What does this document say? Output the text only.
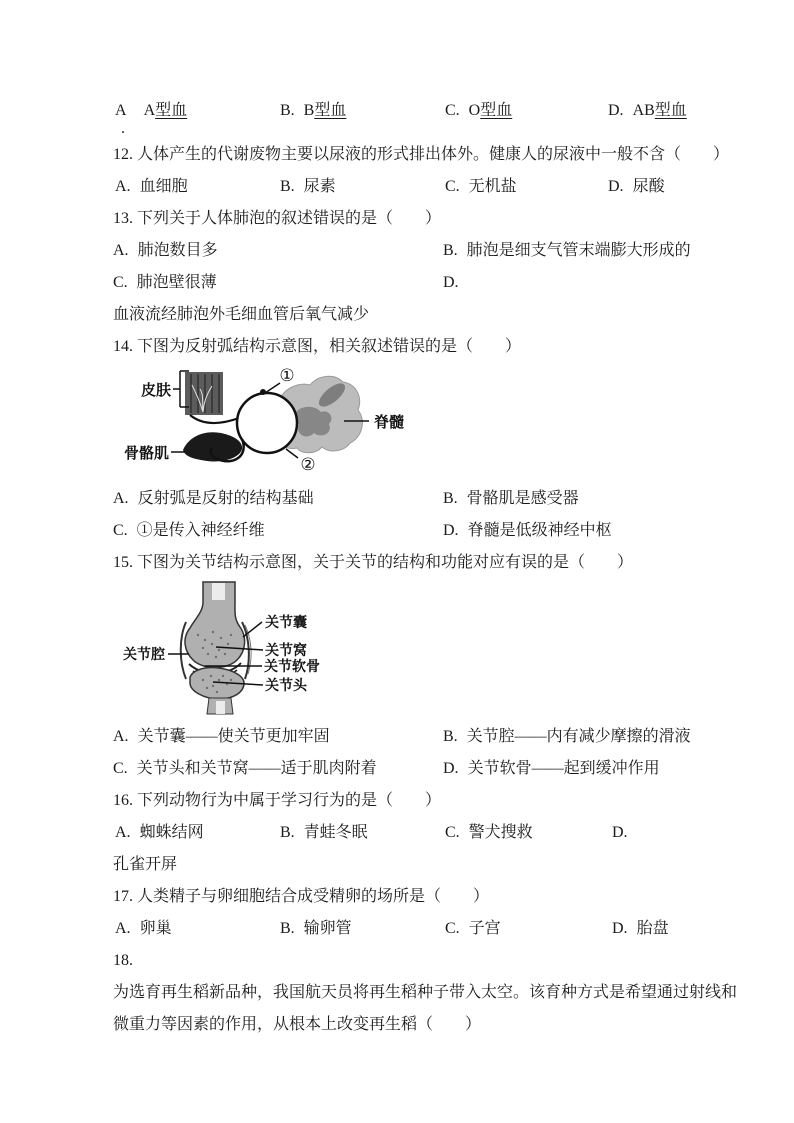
A A型血
.
B. B型血	C. O型血	D. AB型血
12. 人体产生的代谢废物主要以尿液的形式排出体外。健康人的尿液中一般不含（　　）
A. 血细胞	B. 尿素	C. 无机盐	D. 尿酸
13. 下列关于人体肺泡的叙述错误的是（　　）
A. 肺泡数目多	B. 肺泡是细支气管末端膨大形成的
C. 肺泡壁很薄	D.
血液流经肺泡外毛细血管后氧气减少
14. 下图为反射弧结构示意图，相关叙述错误的是（　　）
脊髓
皮肤
骨骼肌
①
②
A. 反射弧是反射的结构基础	B. 骨骼肌是感受器
C. ①是传入神经纤维	D. 脊髓是低级神经中枢
15. 下图为关节结构示意图，关于关节的结构和功能对应有误的是（　　）
关节腔
关节囊
关节窝
关节软骨
关节头
A. 关节囊——使关节更加牢固	B. 关节腔——内有减少摩擦的滑液
C. 关节头和关节窝——适于肌肉附着	D. 关节软骨——起到缓冲作用
16. 下列动物行为中属于学习行为的是（　　）
A. 蜘蛛结网	B. 青蛙冬眠	C. 警犬搜救	D.
孔雀开屏
17. 人类精子与卵细胞结合成受精卵的场所是（　　）
A. 卵巢	B. 输卵管	C. 子宫	D. 胎盘
18.
为选育再生稻新品种，我国航天员将再生稻种子带入太空。该育种方式是希望通过射线和
微重力等因素的作用，从根本上改变再生稻（　　）
